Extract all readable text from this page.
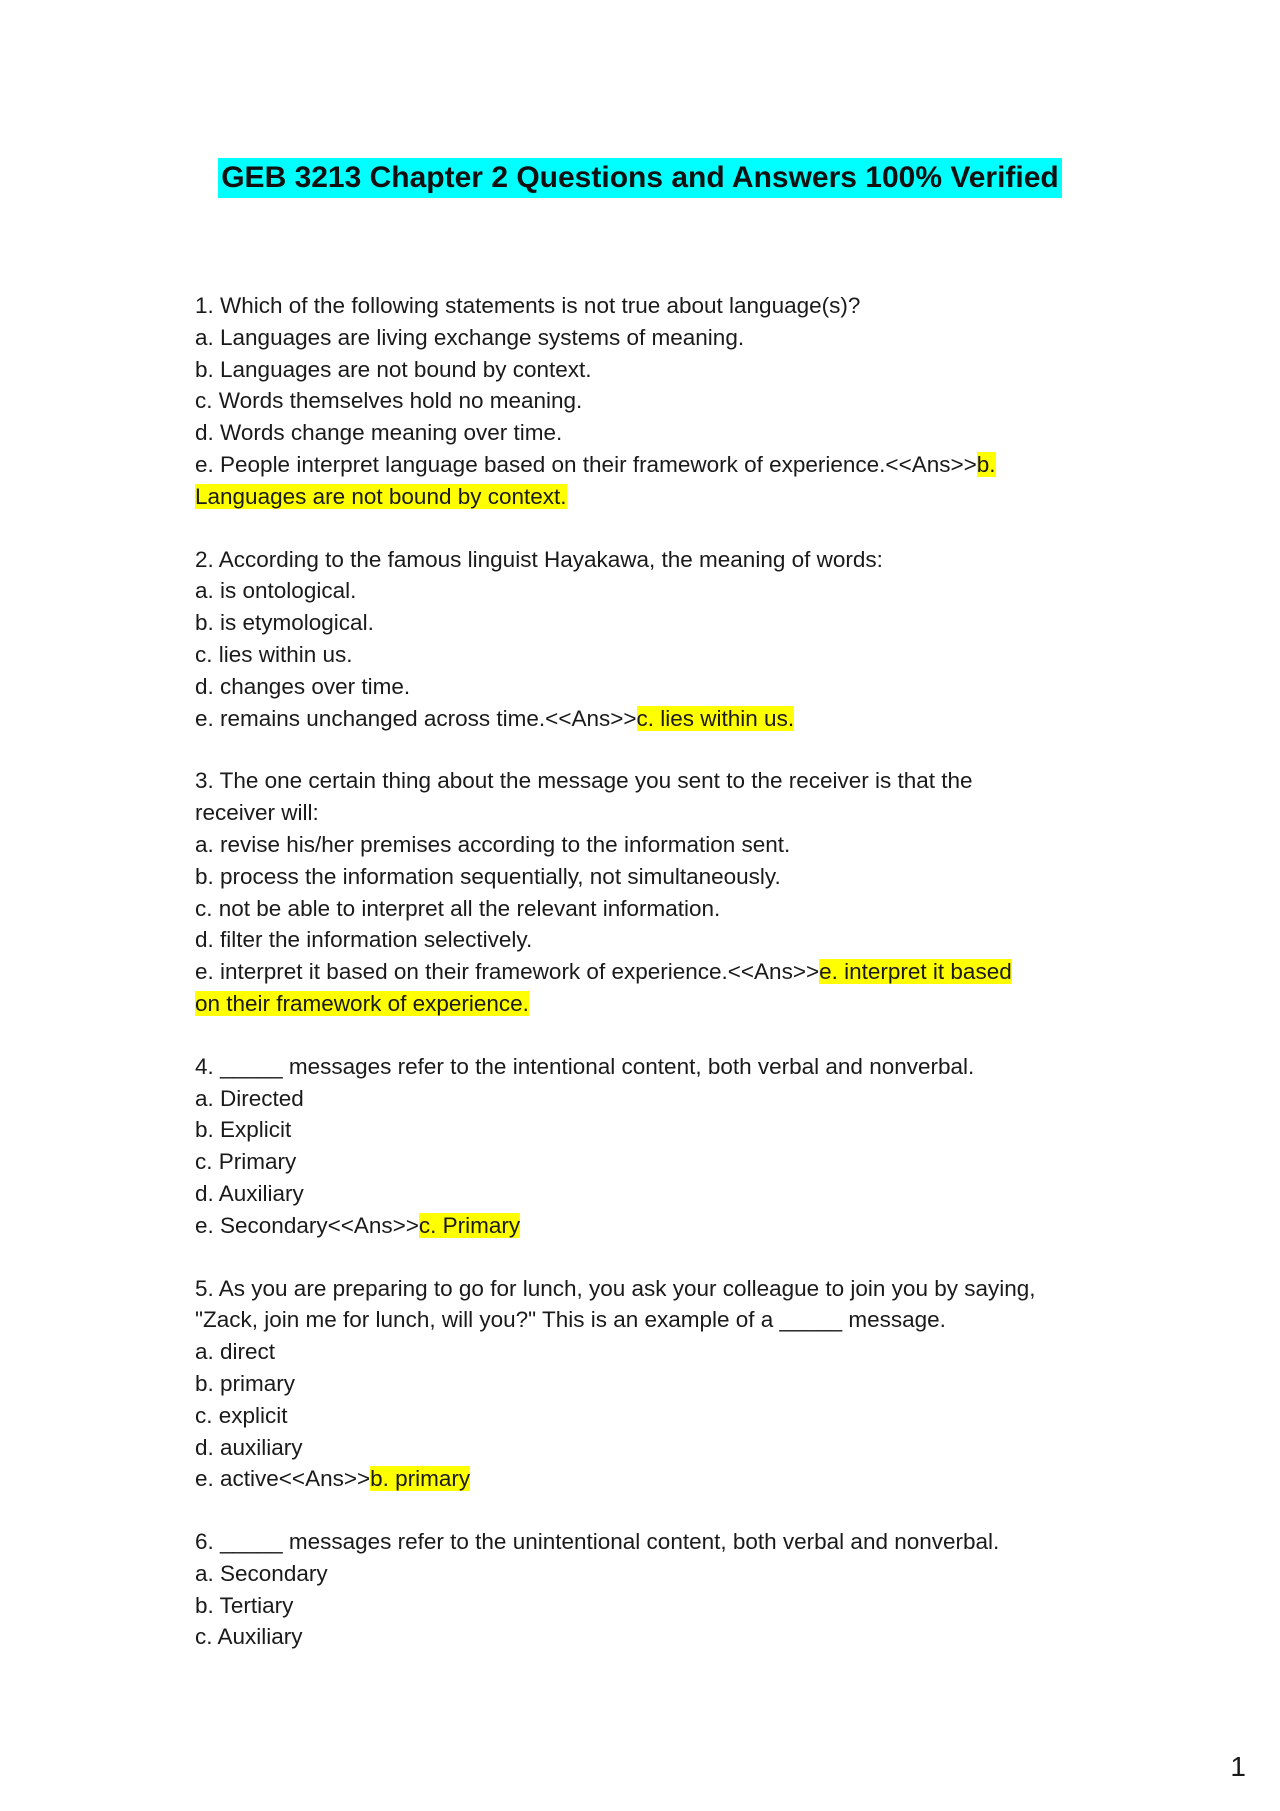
GEB 3213 Chapter 2 Questions and Answers 100% Verified
1. Which of the following statements is not true about language(s)?
a. Languages are living exchange systems of meaning.
b. Languages are not bound by context.
c. Words themselves hold no meaning.
d. Words change meaning over time.
e. People interpret language based on their framework of experience.<<Ans>>b.
Languages are not bound by context.
2. According to the famous linguist Hayakawa, the meaning of words:
a. is ontological.
b. is etymological.
c. lies within us.
d. changes over time.
e. remains unchanged across time.<<Ans>>c. lies within us.
3. The one certain thing about the message you sent to the receiver is that the
receiver will:
a. revise his/her premises according to the information sent.
b. process the information sequentially, not simultaneously.
c. not be able to interpret all the relevant information.
d. filter the information selectively.
e. interpret it based on their framework of experience.<<Ans>>e. interpret it based
on their framework of experience.
4. _____ messages refer to the intentional content, both verbal and nonverbal.
a. Directed
b. Explicit
c. Primary
d. Auxiliary
e. Secondary<<Ans>>c. Primary
5. As you are preparing to go for lunch, you ask your colleague to join you by saying,
"Zack, join me for lunch, will you?" This is an example of a _____ message.
a. direct
b. primary
c. explicit
d. auxiliary
e. active<<Ans>>b. primary
6. _____ messages refer to the unintentional content, both verbal and nonverbal.
a. Secondary
b. Tertiary
c. Auxiliary
1
